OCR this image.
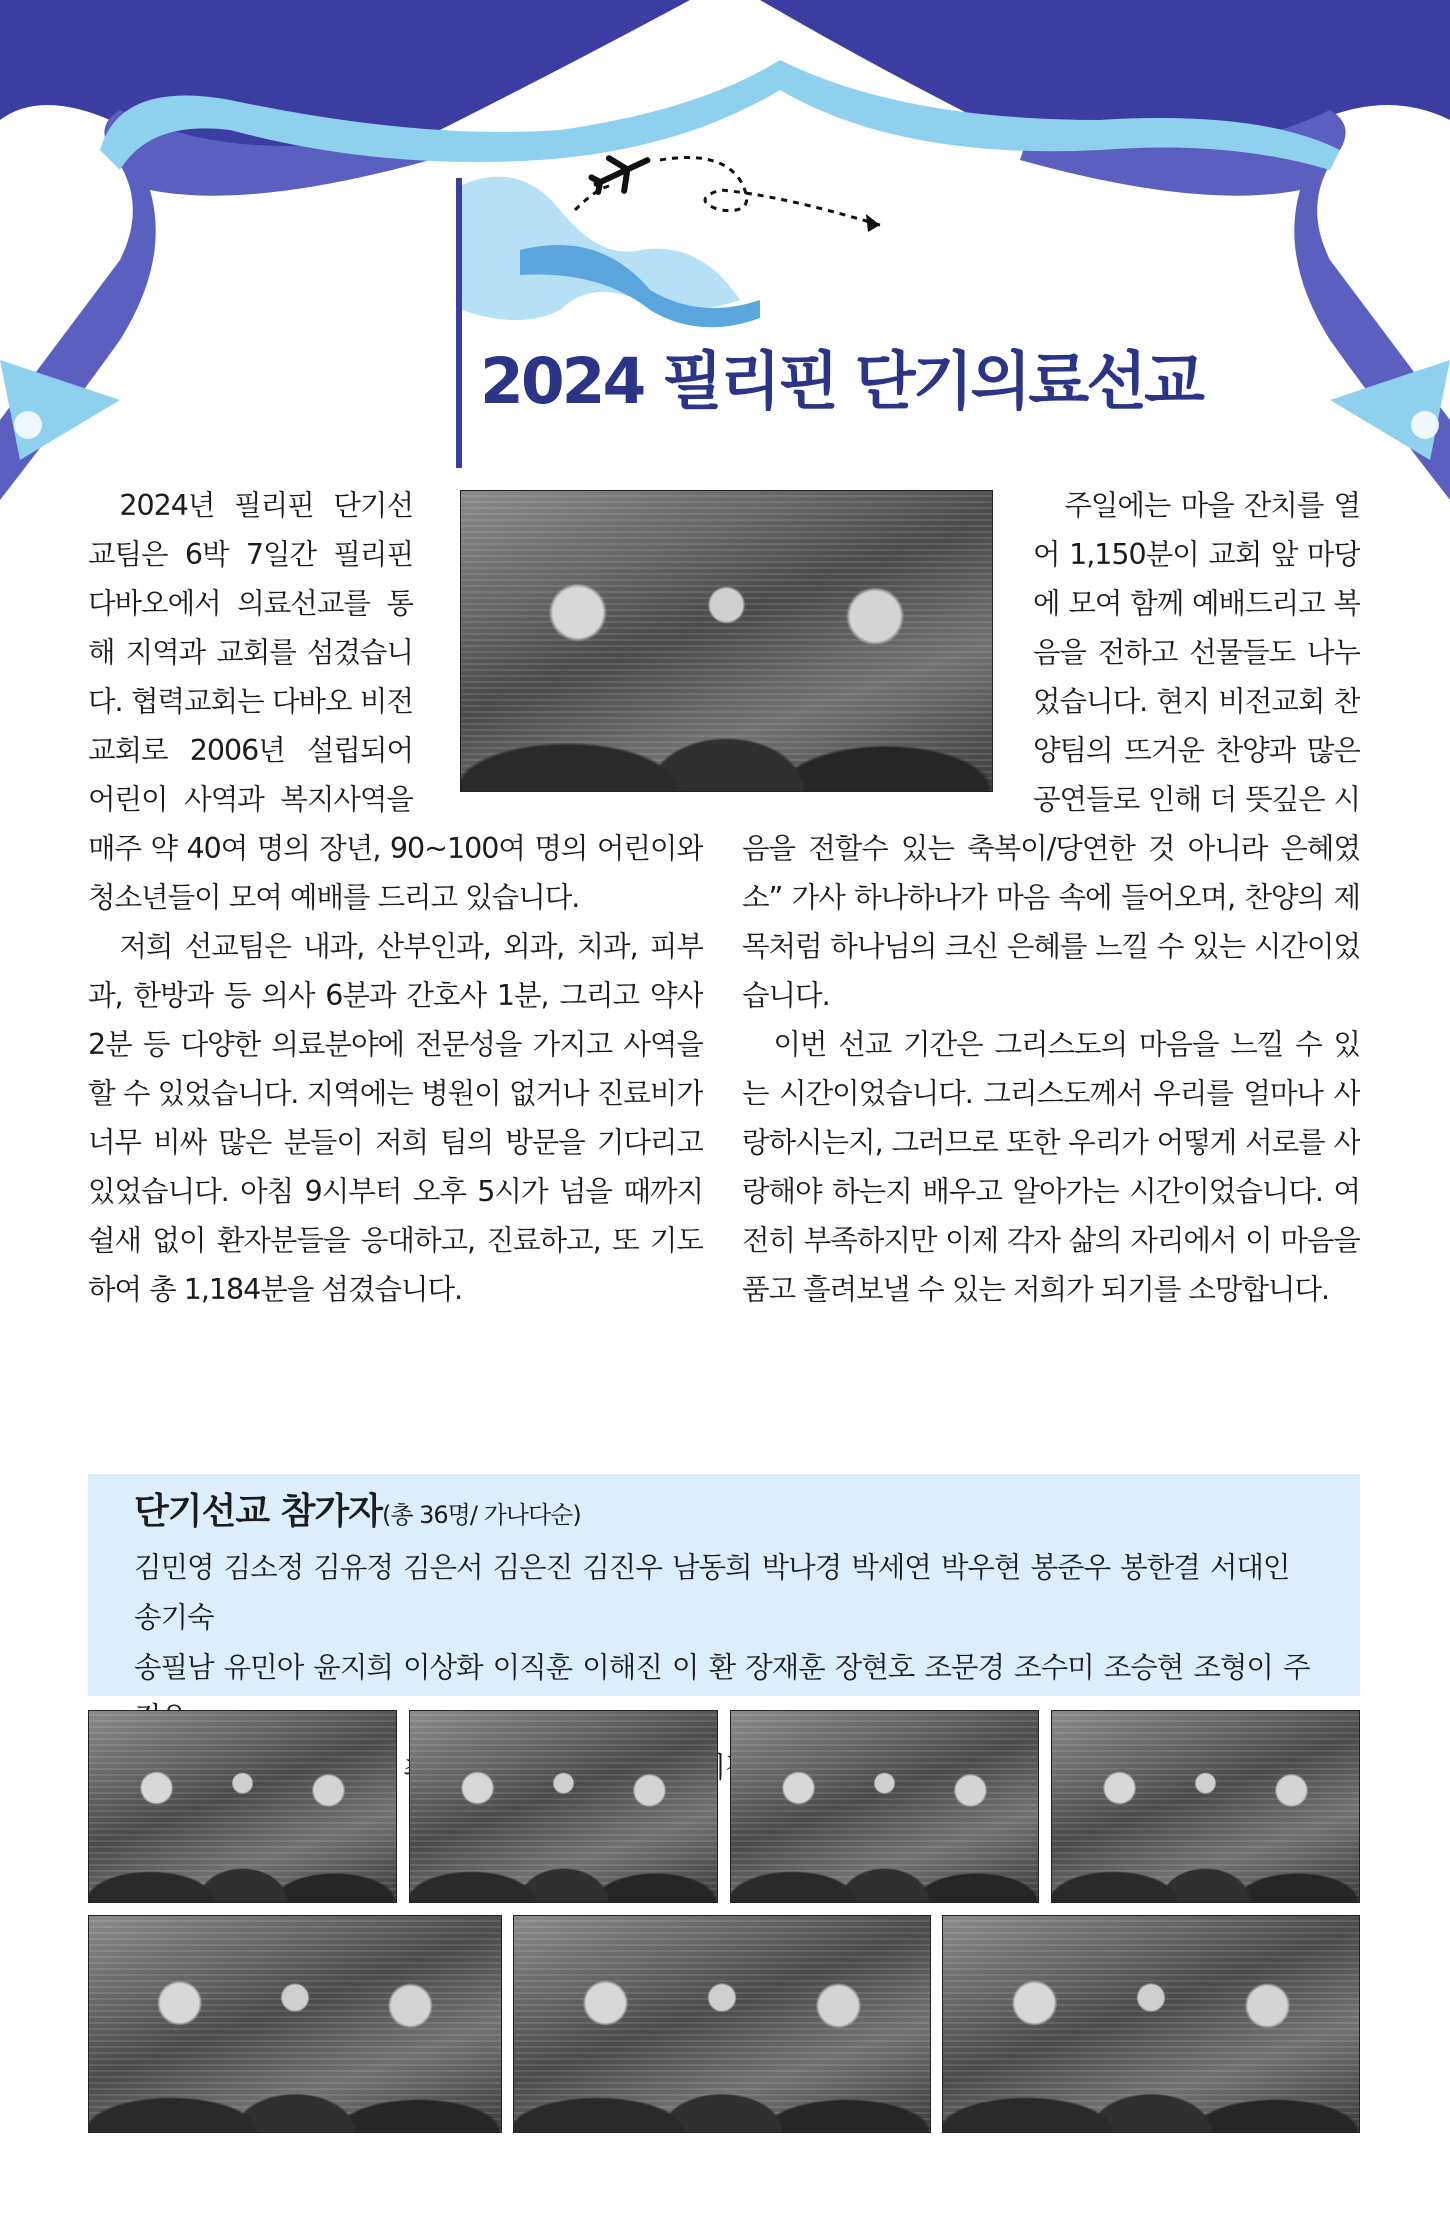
2024 필리핀 단기의료선교

2024년 필리핀 단기선교팀은 6박 7일간 필리핀 다바오에서 의료선교를 통해 지역과 교회를 섬겼습니다. 협력교회는 다바오 비전교회로 2006년 설립되어 어린이 사역과 복지사역을

매주 약 40여 명의 장년, 90~100여 명의 어린이와 청소년들이 모여 예배를 드리고 있습니다.

저희 선교팀은 내과, 산부인과, 외과, 치과, 피부과, 한방과 등 의사 6분과 간호사 1분, 그리고 약사 2분 등 다양한 의료분야에 전문성을 가지고 사역을 할 수 있었습니다. 지역에는 병원이 없거나 진료비가 너무 비싸 많은 분들이 저희 팀의 방문을 기다리고 있었습니다. 아침 9시부터 오후 5시가 넘을 때까지 쉴새 없이 환자분들을 응대하고, 진료하고, 또 기도하여 총 1,184분을 섬겼습니다.

주일에는 마을 잔치를 열어 1,150분이 교회 앞 마당에 모여 함께 예배드리고 복음을 전하고 선물들도 나누었습니다. 현지 비전교회 찬양팀의 뜨거운 찬양과 많은 공연들로 인해 더 뜻깊은 시

음을 전할수 있는 축복이/당연한 것 아니라 은혜였소” 가사 하나하나가 마음 속에 들어오며, 찬양의 제목처럼 하나님의 크신 은혜를 느낄 수 있는 시간이었습니다.

이번 선교 기간은 그리스도의 마음을 느낄 수 있는 시간이었습니다. 그리스도께서 우리를 얼마나 사랑하시는지, 그러므로 또한 우리가 어떻게 서로를 사랑해야 하는지 배우고 알아가는 시간이었습니다. 여전히 부족하지만 이제 각자 삶의 자리에서 이 마음을 품고 흘려보낼 수 있는 저희가 되기를 소망합니다.

단기선교 참가자(총 36명/ 가나다순)
김민영 김소정 김유정 김은서 김은진 김진우 남동희 박나경 박세연 박우현 봉준우 봉한결 서대인 송기숙
송필남 유민아 윤지희 이상화 이직훈 이해진 이 환 장재훈 장현호 조문경 조수미 조승현 조형이 주
